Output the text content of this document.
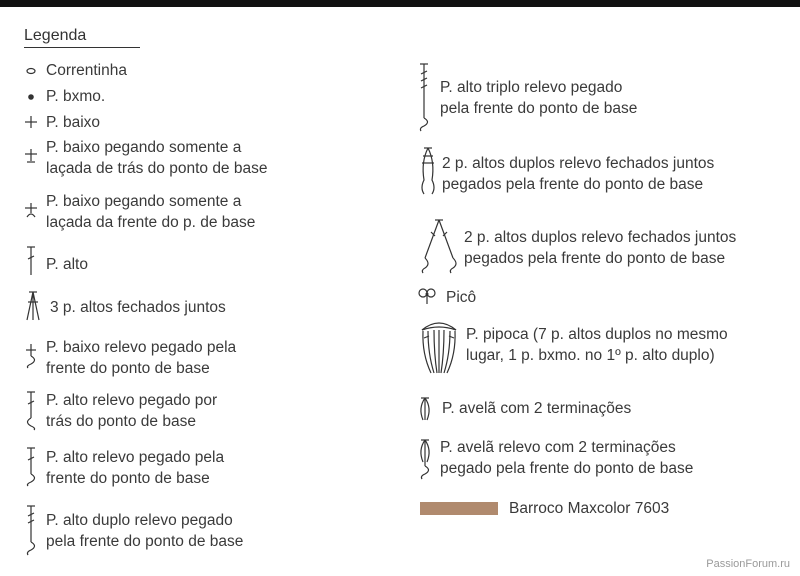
Legenda
Correntinha
P. bxmo.
P. baixo
P. baixo pegando somente a
laçada de trás do ponto de base
P. baixo pegando somente a
laçada da frente do p. de base
P. alto
3 p. altos fechados juntos
P. baixo relevo pegado pela
frente do ponto de base
P. alto relevo pegado por
trás do ponto de base
P. alto relevo pegado pela
frente do ponto de base
P. alto duplo relevo pegado
pela frente do ponto de base
P. alto triplo relevo pegado
pela frente do ponto de base
2 p. altos duplos relevo fechados juntos
pegados pela frente do ponto de base
2 p. altos duplos relevo fechados juntos
pegados pela frente do ponto de base
Picô
P. pipoca (7 p. altos duplos no mesmo
lugar, 1 p. bxmo. no 1º p. alto duplo)
P. avelã com 2 terminações
P. avelã relevo com 2 terminações
pegado pela frente do ponto de base
Barroco Maxcolor 7603
PassionForum.ru
